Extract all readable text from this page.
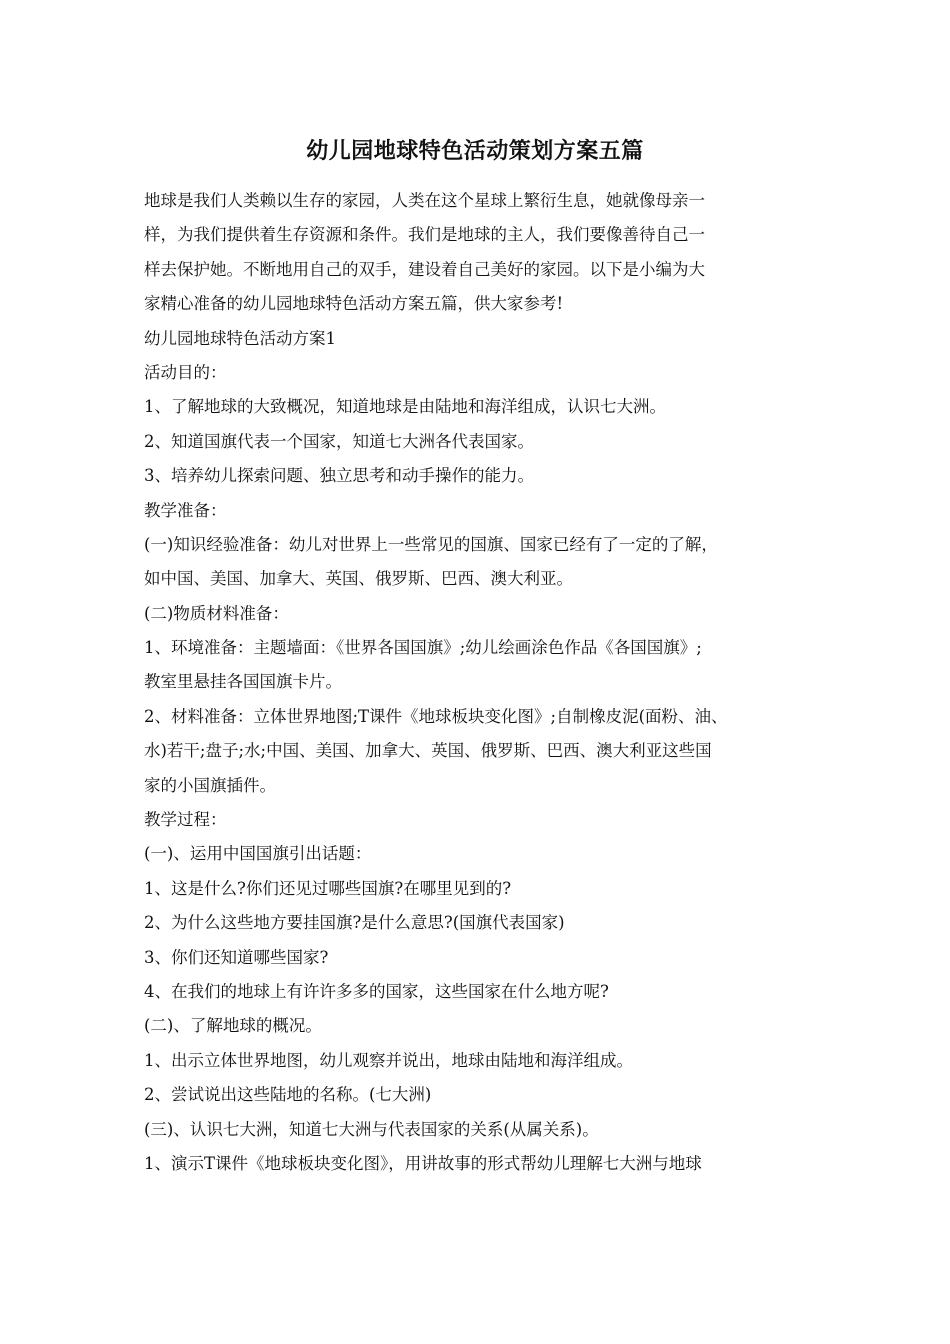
幼儿园地球特色活动策划方案五篇
地球是我们人类赖以生存的家园，人类在这个星球上繁衍生息，她就像母亲一
样，为我们提供着生存资源和条件。我们是地球的主人，我们要像善待自己一
样去保护她。不断地用自己的双手，建设着自己美好的家园。以下是小编为大
家精心准备的幼儿园地球特色活动方案五篇，供大家参考!
幼儿园地球特色活动方案1
活动目的：
1、了解地球的大致概况，知道地球是由陆地和海洋组成，认识七大洲。
2、知道国旗代表一个国家，知道七大洲各代表国家。
3、培养幼儿探索问题、独立思考和动手操作的能力。
教学准备：
(一)知识经验准备：幼儿对世界上一些常见的国旗、国家已经有了一定的了解，
如中国、美国、加拿大、英国、俄罗斯、巴西、澳大利亚。
(二)物质材料准备：
1、环境准备：主题墙面：《世界各国国旗》;幼儿绘画涂色作品《各国国旗》;
教室里悬挂各国国旗卡片。
2、材料准备：立体世界地图;T课件《地球板块变化图》;自制橡皮泥(面粉、油、
水)若干;盘子;水;中国、美国、加拿大、英国、俄罗斯、巴西、澳大利亚这些国
家的小国旗插件。
教学过程：
(一)、运用中国国旗引出话题：
1、这是什么?你们还见过哪些国旗?在哪里见到的?
2、为什么这些地方要挂国旗?是什么意思?(国旗代表国家)
3、你们还知道哪些国家?
4、在我们的地球上有许许多多的国家，这些国家在什么地方呢?
(二)、了解地球的概况。
1、出示立体世界地图，幼儿观察并说出，地球由陆地和海洋组成。
2、尝试说出这些陆地的名称。(七大洲)
(三)、认识七大洲，知道七大洲与代表国家的关系(从属关系)。
1、演示T课件《地球板块变化图》，用讲故事的形式帮幼儿理解七大洲与地球
